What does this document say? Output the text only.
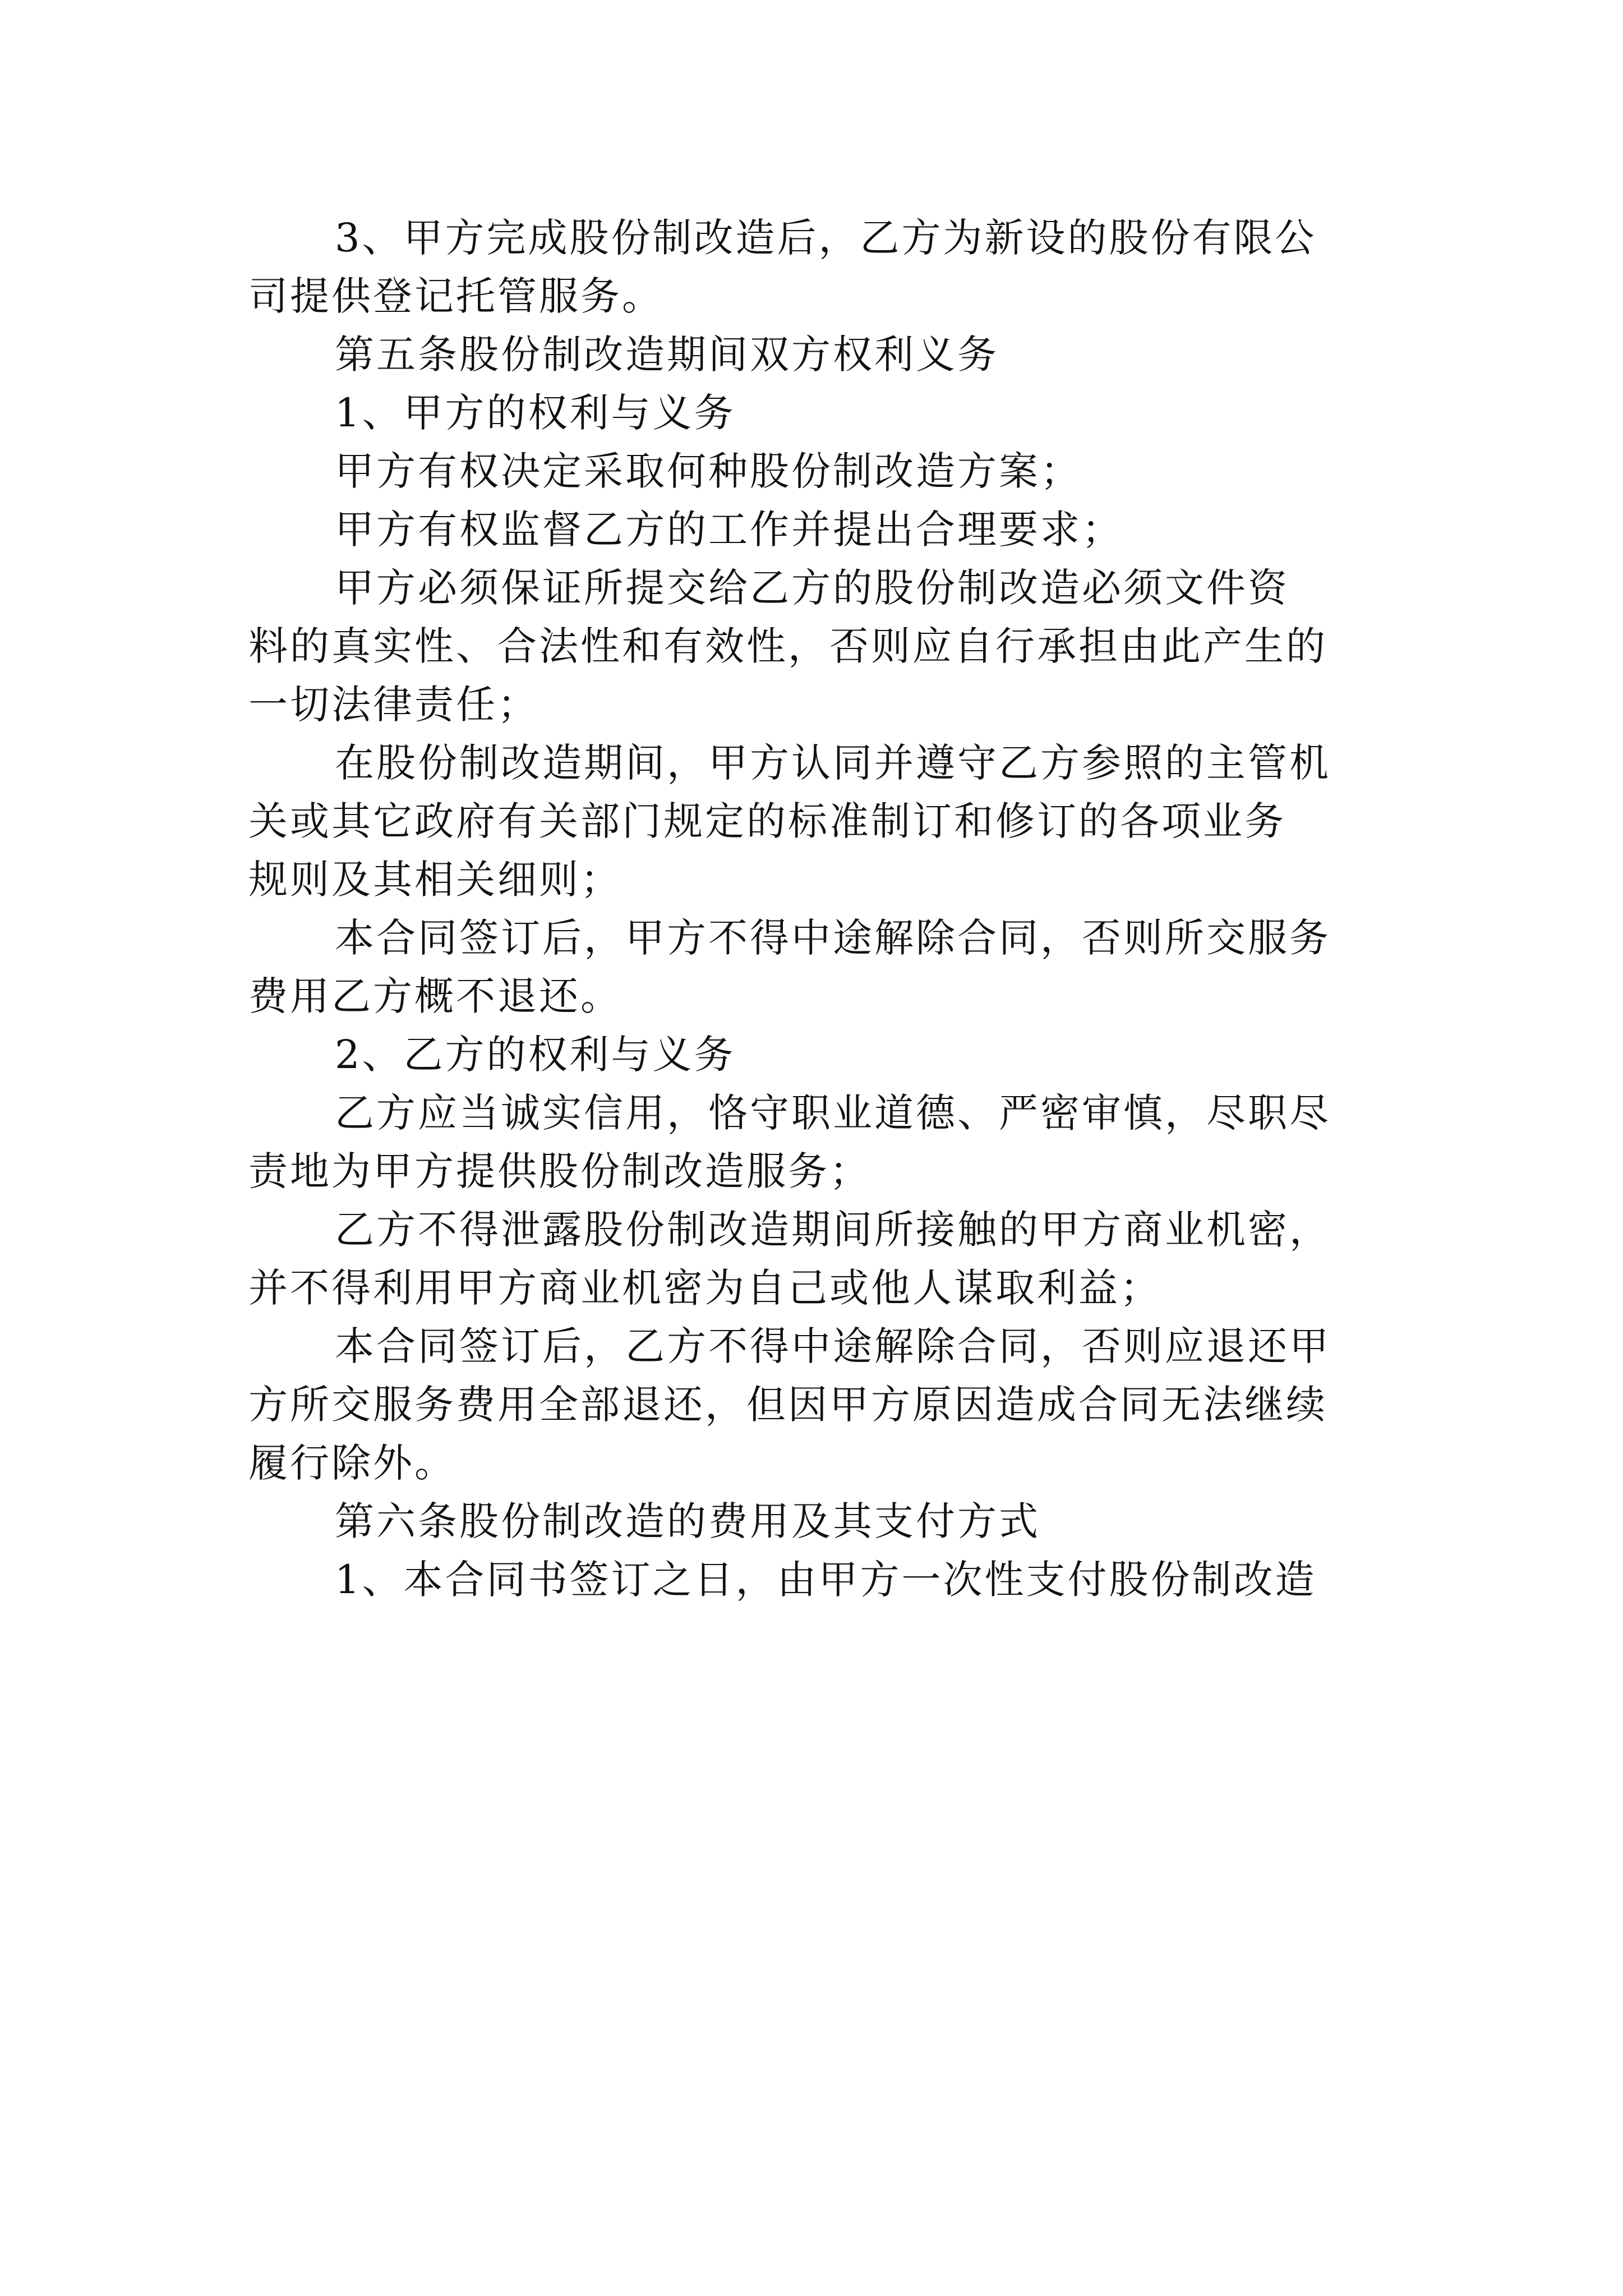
3、甲方完成股份制改造后，乙方为新设的股份有限公
司提供登记托管服务。
第五条股份制改造期间双方权利义务
1、甲方的权利与义务
甲方有权决定采取何种股份制改造方案；
甲方有权监督乙方的工作并提出合理要求；
甲方必须保证所提交给乙方的股份制改造必须文件资
料的真实性、合法性和有效性，否则应自行承担由此产生的
一切法律责任；
在股份制改造期间，甲方认同并遵守乙方参照的主管机
关或其它政府有关部门规定的标准制订和修订的各项业务
规则及其相关细则；
本合同签订后，甲方不得中途解除合同，否则所交服务
费用乙方概不退还。
2、乙方的权利与义务
乙方应当诚实信用，恪守职业道德、严密审慎，尽职尽
责地为甲方提供股份制改造服务；
乙方不得泄露股份制改造期间所接触的甲方商业机密，
并不得利用甲方商业机密为自己或他人谋取利益；
本合同签订后，乙方不得中途解除合同，否则应退还甲
方所交服务费用全部退还，但因甲方原因造成合同无法继续
履行除外。
第六条股份制改造的费用及其支付方式
1、本合同书签订之日，由甲方一次性支付股份制改造
